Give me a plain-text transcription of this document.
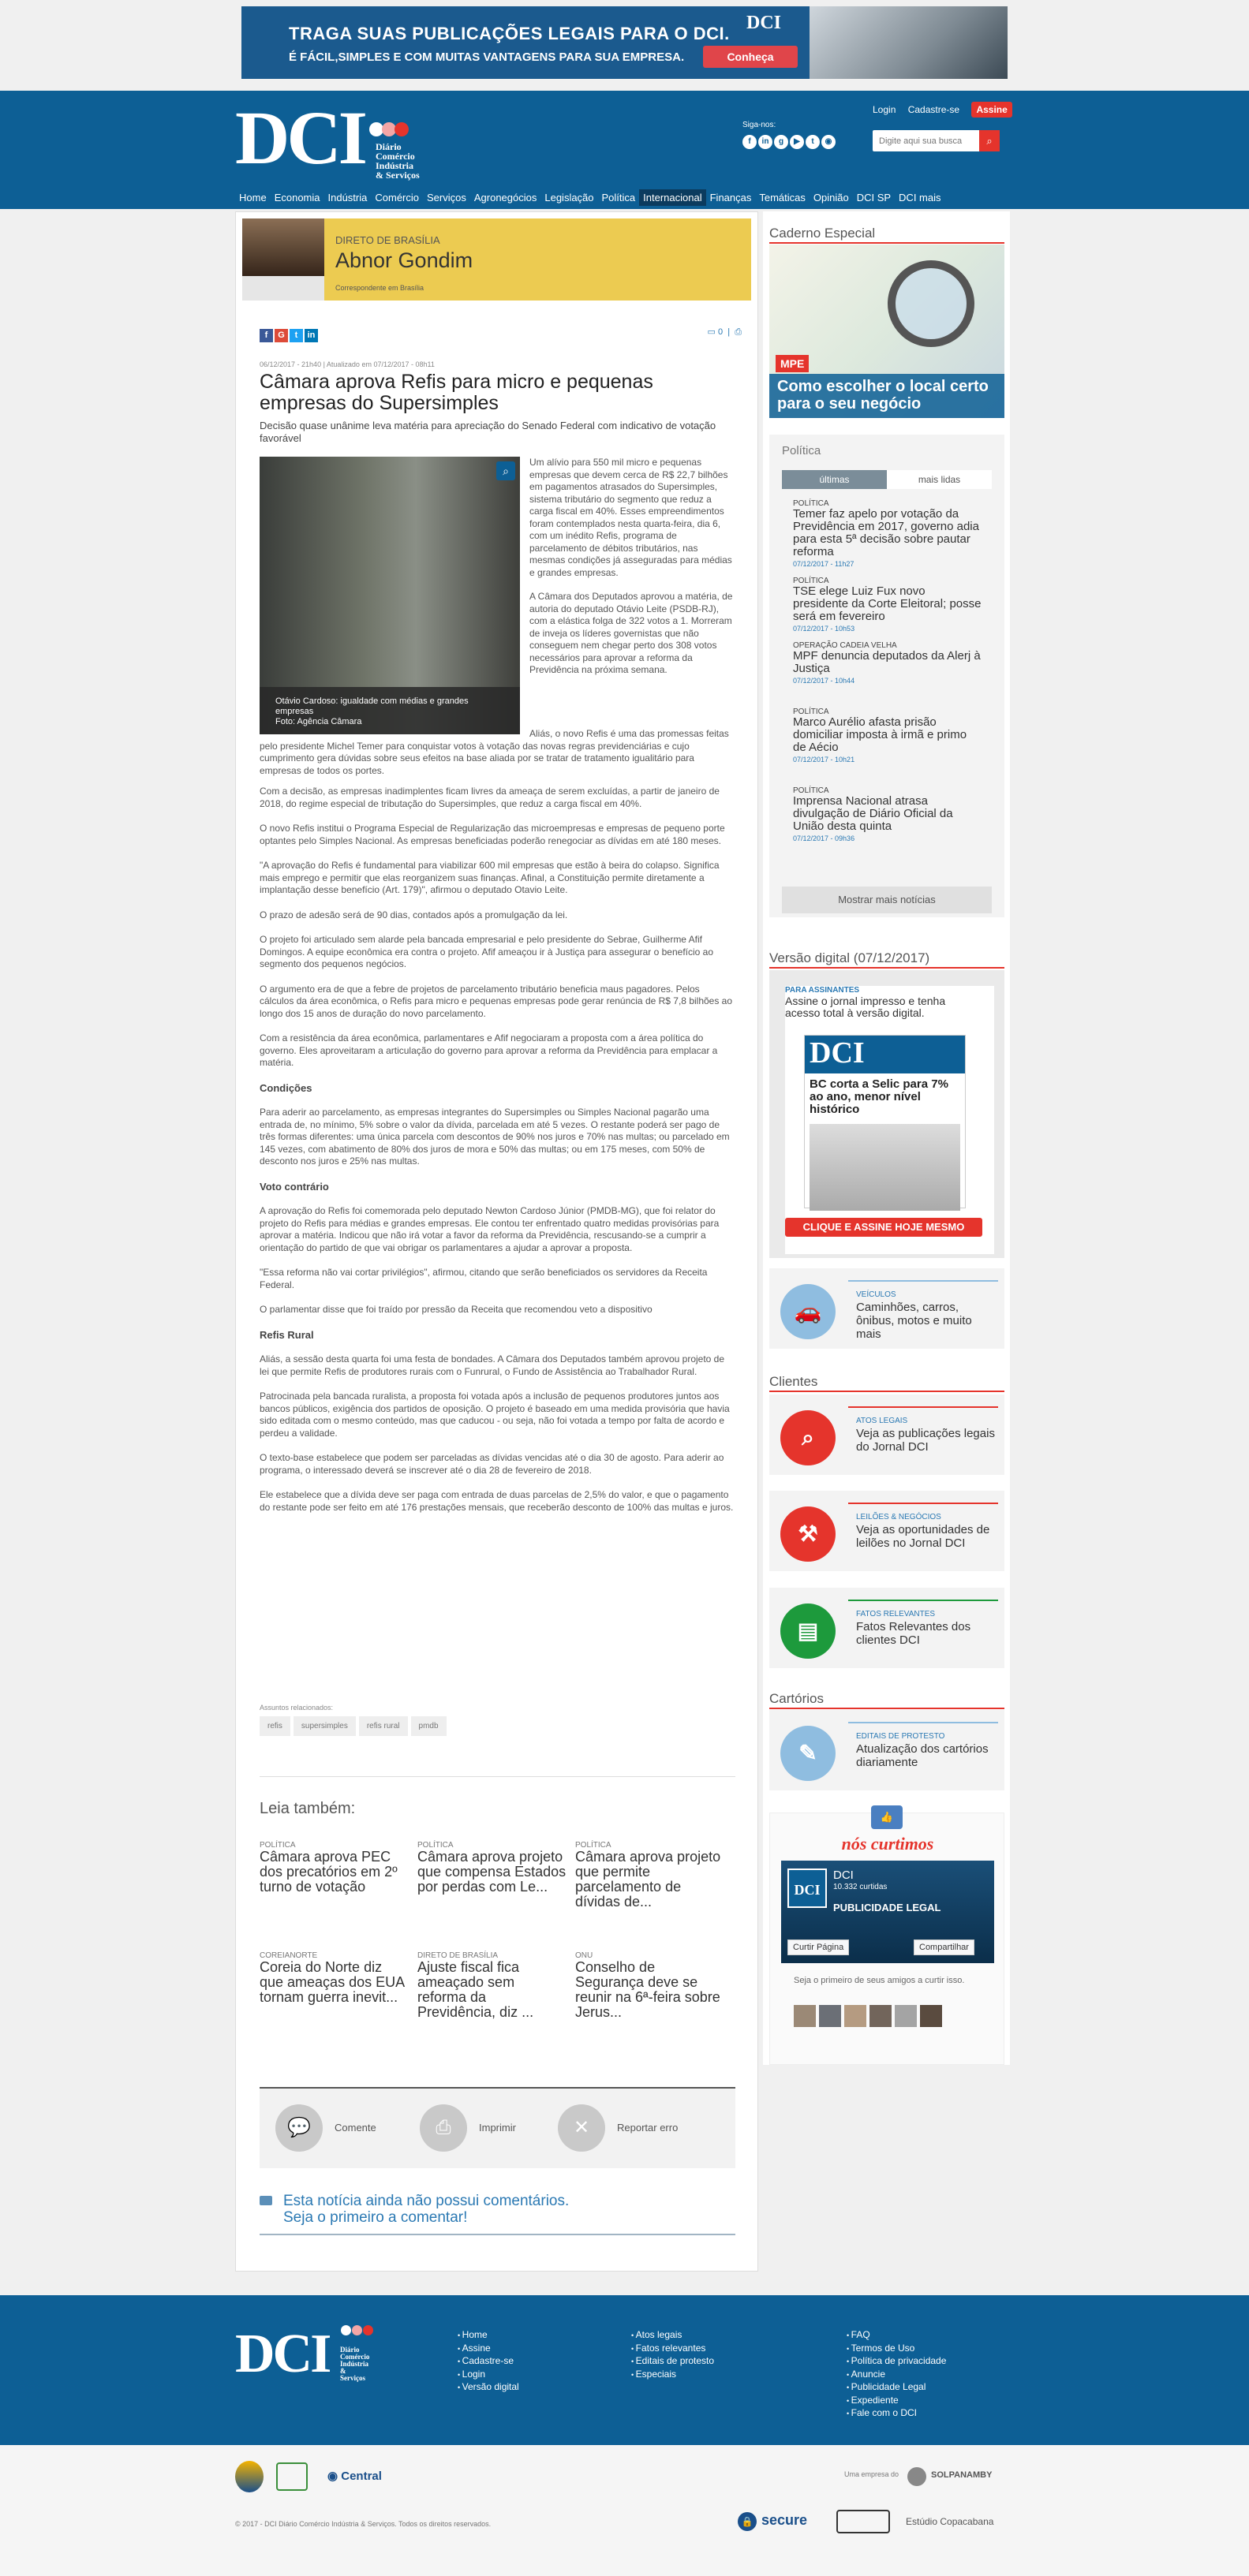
TRAGA SUAS PUBLICAÇÕES LEGAIS PARA O DCI.
É FÁCIL,SIMPLES E COM MUITAS VANTAGENS PARA SUA EMPRESA.
DCI
Conheça
DCI Diário
Comércio
Indústria
& Serviços
Siga-nos:
f in g ▶ t ◉
Login Cadastre-se Assine
Digite aqui sua busca
⌕
Home Economia Indústria Comércio Serviços Agronegócios Legislação Política Internacional Finanças Temáticas Opinião DCI SP DCI mais
DIRETO DE BRASÍLIA
Abnor Gondim
Correspondente em Brasília
f G t in	▭ 0  |  ⎙
06/12/2017 - 21h40 | Atualizado em 07/12/2017 - 08h11
Câmara aprova Refis para micro e pequenas empresas do Supersimples
Decisão quase unânime leva matéria para apreciação do Senado Federal com indicativo de votação favorável
⌕
Otávio Cardoso: igualdade com médias e grandes empresas
Foto: Agência Câmara

Um alívio para 550 mil micro e pequenas empresas que devem cerca de R$ 22,7 bilhões em pagamentos atrasados do Supersimples, sistema tributário do segmento que reduz a carga fiscal em 40%. Esses empreendimentos foram contemplados nesta quarta-feira, dia 6, com um inédito Refis, programa de parcelamento de débitos tributários, nas mesmas condições já asseguradas para médias e grandes empresas.

A Câmara dos Deputados aprovou a matéria, de autoria do deputado Otávio Leite (PSDB-RJ), com a elástica folga de 322 votos a 1. Morreram de inveja os líderes governistas que não conseguem nem chegar perto dos 308 votos necessários para aprovar a reforma da Previdência na próxima semana.

Aliás, o novo Refis é uma das promessas feitas pelo presidente Michel Temer para conquistar votos à votação das novas regras previdenciárias e cujo cumprimento gera dúvidas sobre seus efeitos na base aliada por se tratar de tratamento igualitário para empresas de todos os portes.

Com a decisão, as empresas inadimplentes ficam livres da ameaça de serem excluídas, a partir de janeiro de 2018, do regime especial de tributação do Supersimples, que reduz a carga fiscal em 40%.

O novo Refis institui o Programa Especial de Regularização das microempresas e empresas de pequeno porte optantes pelo Simples Nacional. As empresas beneficiadas poderão renegociar as dívidas em até 180 meses.

"A aprovação do Refis é fundamental para viabilizar 600 mil empresas que estão à beira do colapso. Significa mais emprego e permitir que elas reorganizem suas finanças. Afinal, a Constituição permite diretamente a implantação desse benefício (Art. 179)", afirmou o deputado Otavio Leite.

O prazo de adesão será de 90 dias, contados após a promulgação da lei.

O projeto foi articulado sem alarde pela bancada empresarial e pelo presidente do Sebrae, Guilherme Afif Domingos. A equipe econômica era contra o projeto. Afif ameaçou ir à Justiça para assegurar o benefício ao segmento dos pequenos negócios.

O argumento era de que a febre de projetos de parcelamento tributário beneficia maus pagadores. Pelos cálculos da área econômica, o Refis para micro e pequenas empresas pode gerar renúncia de R$ 7,8 bilhões ao longo dos 15 anos de duração do novo parcelamento.

Com a resistência da área econômica, parlamentares e Afif negociaram a proposta com a área política do governo. Eles aproveitaram a articulação do governo para aprovar a reforma da Previdência para emplacar a matéria.

Condições

Para aderir ao parcelamento, as empresas integrantes do Supersimples ou Simples Nacional pagarão uma entrada de, no mínimo, 5% sobre o valor da dívida, parcelada em até 5 vezes. O restante poderá ser pago de três formas diferentes: uma única parcela com descontos de 90% nos juros e 70% nas multas; ou parcelado em 145 vezes, com abatimento de 80% dos juros de mora e 50% das multas; ou em 175 meses, com 50% de desconto nos juros e 25% nas multas.

Voto contrário

A aprovação do Refis foi comemorada pelo deputado Newton Cardoso Júnior (PMDB-MG), que foi relator do projeto do Refis para médias e grandes empresas. Ele contou ter enfrentado quatro medidas provisórias para aprovar a matéria. Indicou que não irá votar a favor da reforma da Previdência, rescusando-se a cumprir a orientação do partido de que vai obrigar os parlamentares a ajudar a aprovar a proposta.

"Essa reforma não vai cortar privilégios", afirmou, citando que serão beneficiados os servidores da Receita Federal.

O parlamentar disse que foi traído por pressão da Receita que recomendou veto a dispositivo

Refis Rural

Aliás, a sessão desta quarta foi uma festa de bondades. A Câmara dos Deputados também aprovou projeto de lei que permite Refis de produtores rurais com o Funrural, o Fundo de Assistência ao Trabalhador Rural.

Patrocinada pela bancada ruralista, a proposta foi votada após a inclusão de pequenos produtores juntos aos bancos públicos, exigência dos partidos de oposição. O projeto é baseado em uma medida provisória que havia sido editada com o mesmo conteúdo, mas que caducou - ou seja, não foi votada a tempo por falta de acordo e perdeu a validade.

O texto-base estabelece que podem ser parceladas as dívidas vencidas até o dia 30 de agosto. Para aderir ao programa, o interessado deverá se inscrever até o dia 28 de fevereiro de 2018.

Ele estabelece que a dívida deve ser paga com entrada de duas parcelas de 2,5% do valor, e que o pagamento do restante pode ser feito em até 176 prestações mensais, que receberão desconto de 100% das multas e juros.

Assuntos relacionados:
refis supersimples refis rural pmdb
Leia também:
POLÍTICA
Câmara aprova PEC dos precatórios em 2º turno de votação
POLÍTICA
Câmara aprova projeto que compensa Estados por perdas com Le...
POLÍTICA
Câmara aprova projeto que permite parcelamento de dívidas de...
COREIANORTE
Coreia do Norte diz que ameaças dos EUA tornam guerra inevit...
DIRETO DE BRASÍLIA
Ajuste fiscal fica ameaçado sem reforma da Previdência, diz ...
ONU
Conselho de Segurança deve se reunir na 6ª-feira sobre Jerus...
💬	Comente	⎙	Imprimir	✕	Reportar erro
Esta notícia ainda não possui comentários.
Seja o primeiro a comentar!
Caderno Especial
MPE
Como escolher o local certo para o seu negócio
Política
últimas	mais lidas
POLÍTICA
Temer faz apelo por votação da Previdência em 2017, governo adia para esta 5ª decisão sobre pautar reforma
07/12/2017 - 11h27
POLÍTICA
TSE elege Luiz Fux novo presidente da Corte Eleitoral; posse será em fevereiro
07/12/2017 - 10h53
OPERAÇÃO CADEIA VELHA
MPF denuncia deputados da Alerj à Justiça
07/12/2017 - 10h44
POLÍTICA
Marco Aurélio afasta prisão domiciliar imposta à irmã e primo de Aécio
07/12/2017 - 10h21
POLÍTICA
Imprensa Nacional atrasa divulgação de Diário Oficial da União desta quinta
07/12/2017 - 09h36
Mostrar mais notícias
Versão digital (07/12/2017)
PARA ASSINANTES
Assine o jornal impresso e tenha acesso total à versão digital.
DCI
BC corta a Selic para 7% ao ano, menor nível histórico
CLIQUE E ASSINE HOJE MESMO
🚗
VEÍCULOS
Caminhões, carros, ônibus, motos e muito mais
Clientes
⌕
ATOS LEGAIS
Veja as publicações legais do Jornal DCI
⚒
LEILÕES & NEGÓCIOS
Veja as oportunidades de leilões no Jornal DCI
▤
FATOS RELEVANTES
Fatos Relevantes dos clientes DCI
Cartórios
✎
EDITAIS DE PROTESTO
Atualização dos cartórios diariamente
👍
nós curtimos
DCI
DCI
10.332 curtidas
PUBLICIDADE LEGAL
Curtir Página	Compartilhar
Seja o primeiro de seus amigos a curtir isso.
DCI Diário
Comércio
Indústria
& Serviços
• Home
• Assine
• Cadastre-se
• Login
• Versão digital
• Atos legais
• Fatos relevantes
• Editais de protesto
• Especiais
• FAQ
• Termos de Uso
• Política de privacidade
• Anuncie
• Publicidade Legal
• Expediente
• Fale com o DCI
◉ Central	Uma empresa do	SOLPANAMBY
© 2017 - DCI Diário Comércio Indústria & Serviços. Todos os direitos reservados.	🔒 secure	Estúdio Copacabana
